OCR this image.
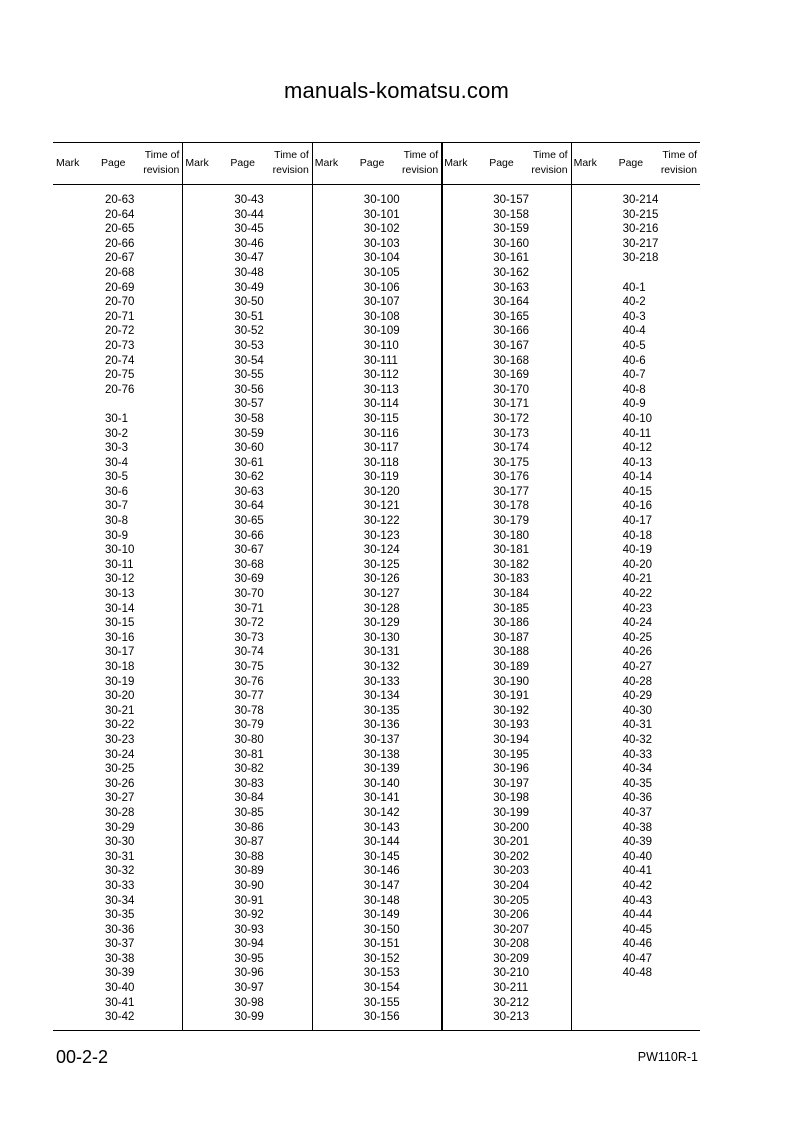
manuals-komatsu.com
Mark Page
Time of
revision
20-63
20-64
20-65
20-66
20-67
20-68
20-69
20-70
20-71
20-72
20-73
20-74
20-75
20-76
30-1
30-2
30-3
30-4
30-5
30-6
30-7
30-8
30-9
30-10
30-11
30-12
30-13
30-14
30-15
30-16
30-17
30-18
30-19
30-20
30-21
30-22
30-23
30-24
30-25
30-26
30-27
30-28
30-29
30-30
30-31
30-32
30-33
30-34
30-35
30-36
30-37
30-38
30-39
30-40
30-41
30-42
Mark Page
Time of
revision
30-43
30-44
30-45
30-46
30-47
30-48
30-49
30-50
30-51
30-52
30-53
30-54
30-55
30-56
30-57
30-58
30-59
30-60
30-61
30-62
30-63
30-64
30-65
30-66
30-67
30-68
30-69
30-70
30-71
30-72
30-73
30-74
30-75
30-76
30-77
30-78
30-79
30-80
30-81
30-82
30-83
30-84
30-85
30-86
30-87
30-88
30-89
30-90
30-91
30-92
30-93
30-94
30-95
30-96
30-97
30-98
30-99
Mark Page
Time of
revision
30-100
30-101
30-102
30-103
30-104
30-105
30-106
30-107
30-108
30-109
30-110
30-111
30-112
30-113
30-114
30-115
30-116
30-117
30-118
30-119
30-120
30-121
30-122
30-123
30-124
30-125
30-126
30-127
30-128
30-129
30-130
30-131
30-132
30-133
30-134
30-135
30-136
30-137
30-138
30-139
30-140
30-141
30-142
30-143
30-144
30-145
30-146
30-147
30-148
30-149
30-150
30-151
30-152
30-153
30-154
30-155
30-156
Mark Page
Time of
revision
30-157
30-158
30-159
30-160
30-161
30-162
30-163
30-164
30-165
30-166
30-167
30-168
30-169
30-170
30-171
30-172
30-173
30-174
30-175
30-176
30-177
30-178
30-179
30-180
30-181
30-182
30-183
30-184
30-185
30-186
30-187
30-188
30-189
30-190
30-191
30-192
30-193
30-194
30-195
30-196
30-197
30-198
30-199
30-200
30-201
30-202
30-203
30-204
30-205
30-206
30-207
30-208
30-209
30-210
30-211
30-212
30-213
Mark Page
Time of
revision
30-214
30-215
30-216
30-217
30-218
40-1
40-2
40-3
40-4
40-5
40-6
40-7
40-8
40-9
40-10
40-11
40-12
40-13
40-14
40-15
40-16
40-17
40-18
40-19
40-20
40-21
40-22
40-23
40-24
40-25
40-26
40-27
40-28
40-29
40-30
40-31
40-32
40-33
40-34
40-35
40-36
40-37
40-38
40-39
40-40
40-41
40-42
40-43
40-44
40-45
40-46
40-47
40-48
00-2-2	PW110R-1
